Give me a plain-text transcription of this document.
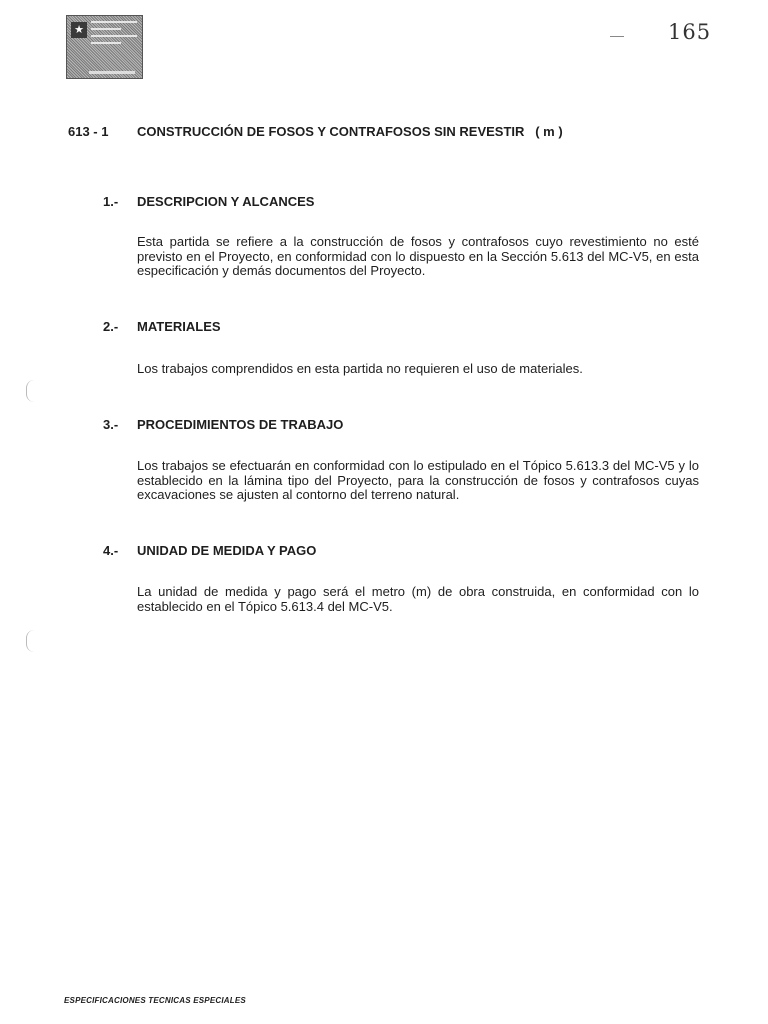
★	165
613 - 1 CONSTRUCCIÓN DE FOSOS Y CONTRAFOSOS SIN REVESTIR   ( m )
1.- DESCRIPCION Y ALCANCES
Esta partida se refiere a la construcción de fosos y contrafosos cuyo revestimiento no esté previsto en el Proyecto, en conformidad con lo dispuesto en la Sección 5.613 del MC-V5, en esta especificación y demás documentos del Proyecto.
2.- MATERIALES
Los trabajos comprendidos en esta partida no requieren el uso de materiales.
3.- PROCEDIMIENTOS DE TRABAJO
Los trabajos se efectuarán en conformidad con lo estipulado en el Tópico 5.613.3 del MC-V5 y lo establecido en la lámina tipo del Proyecto, para la construcción de fosos y contrafosos cuyas excavaciones se ajusten al contorno del terreno natural.
4.- UNIDAD DE MEDIDA Y PAGO
La unidad de medida y pago será el metro (m) de obra construida, en conformidad con lo establecido en el Tópico 5.613.4 del MC-V5.
ESPECIFICACIONES TECNICAS ESPECIALES
